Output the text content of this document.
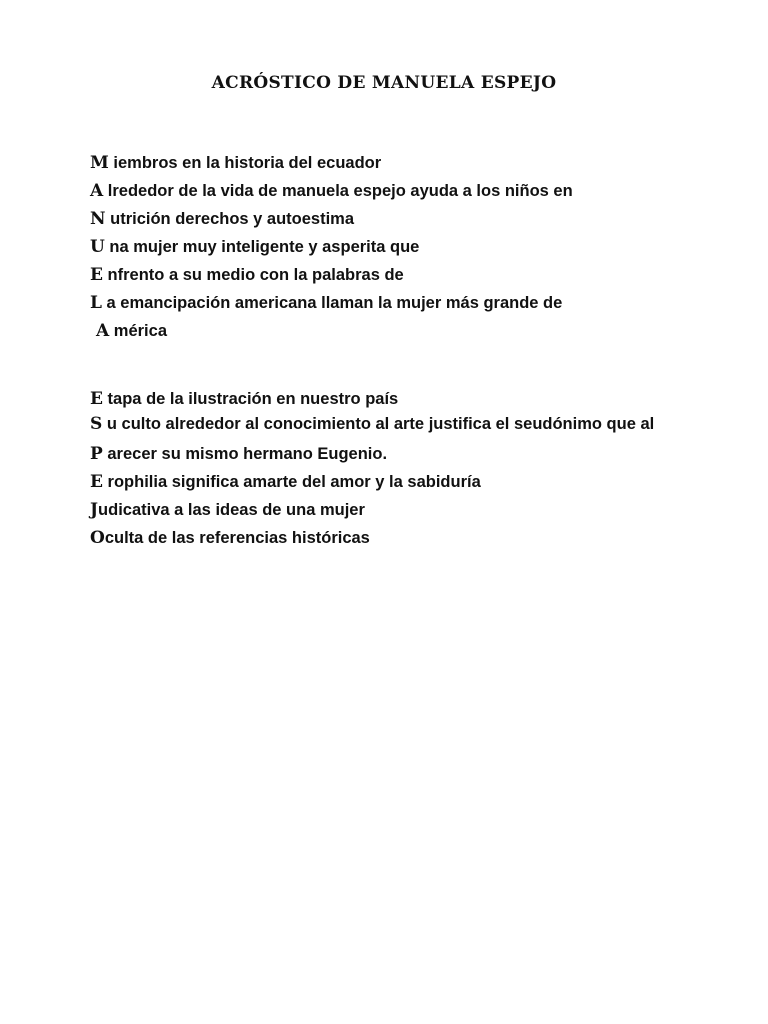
ACRÓSTICO DE MANUELA ESPEJO
M iembros en la historia del ecuador
A lrededor de la vida de manuela espejo ayuda a los niños en
N utrición derechos y autoestima
U na mujer muy inteligente y asperita que
E nfrento a su medio con la palabras de
L a emancipación americana llaman la mujer más grande de
A mérica
E tapa de la ilustración en nuestro país
S u culto alrededor al conocimiento al arte justifica el seudónimo que al
P arecer su mismo hermano Eugenio.
E rophilia significa amarte del amor y la sabiduría
Judicativa a las ideas de una mujer
Oculta de las referencias históricas
